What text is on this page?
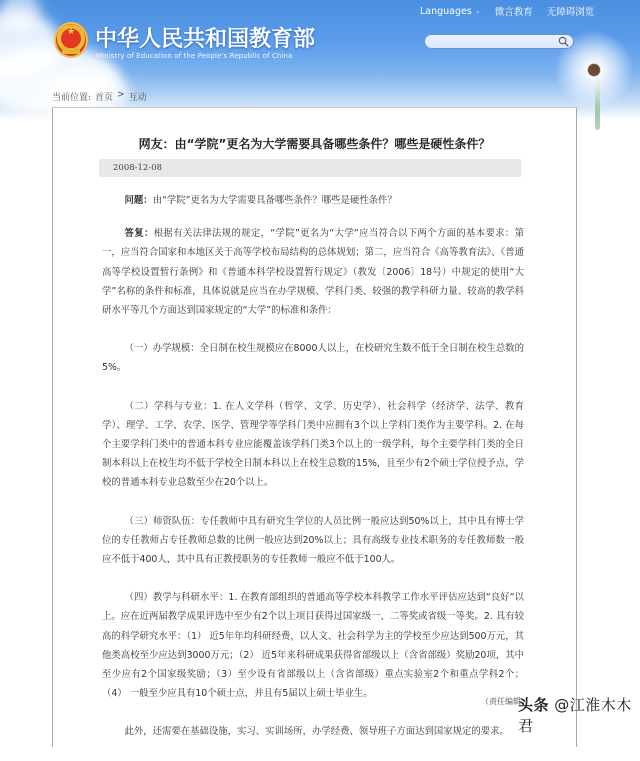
★ 中华人民共和国教育部
Ministry of Education of the People's Republic of China
Languages ⌄ 微言教育 无障碍浏览
当前位置: 首页 > 互动
网友：由“学院”更名为大学需要具备哪些条件？哪些是硬性条件？
2008-12-08

问题：由“学院”更名为大学需要具备哪些条件？哪些是硬性条件？

答复：根据有关法律法规的规定，“学院”更名为“大学”应当符合以下两个方面的基本要求：第一，应当符合国家和本地区关于高等学校布局结构的总体规划；第二，应当符合《高等教育法》、《普通高等学校设置暂行条例》和《普通本科学校设置暂行规定》（教发〔2006〕18号）中规定的使用“大学”名称的条件和标准，具体说就是应当在办学规模、学科门类、较强的教学科研力量、较高的教学科研水平等几个方面达到国家规定的“大学”的标准和条件：

（一）办学规模：全日制在校生规模应在8000人以上，在校研究生数不低于全日制在校生总数的5%。

（二）学科与专业：1. 在人文学科（哲学、文学、历史学）、社会科学（经济学、法学、教育学）、理学、工学、农学、医学、管理学等学科门类中应拥有3个以上学科门类作为主要学科。2. 在每个主要学科门类中的普通本科专业应能覆盖该学科门类3个以上的一级学科，每个主要学科门类的全日制本科以上在校生均不低于学校全日制本科以上在校生总数的15%，且至少有2个硕士学位授予点，学校的普通本科专业总数至少在20个以上。

（三）师资队伍：专任教师中具有研究生学位的人员比例一般应达到50%以上，其中具有博士学位的专任教师占专任教师总数的比例一般应达到20%以上；具有高级专业技术职务的专任教师数一般应不低于400人，其中具有正教授职务的专任教师一般应不低于100人。

（四）教学与科研水平：1. 在教育部组织的普通高等学校本科教学工作水平评估应达到“良好”以上。应在近两届教学成果评选中至少有2个以上项目获得过国家级一、二等奖或省级一等奖。2. 具有较高的科学研究水平：（1） 近5年年均科研经费，以人文、社会科学为主的学校至少应达到500万元，其他类高校至少应达到3000万元；（2） 近5年来科研成果获得省部级以上（含省部级）奖励20项，其中至少应有2个国家级奖励；（3）至少设有省部级以上（含省部级）重点实验室2个和重点学科2个；（4） 一般至少应具有10个硕士点，并且有5届以上硕士毕业生。

此外，还需要在基础设施，实习、实训场所，办学经费、领导班子方面达到国家规定的要求。

（责任编辑
头条 @江淮木木君
